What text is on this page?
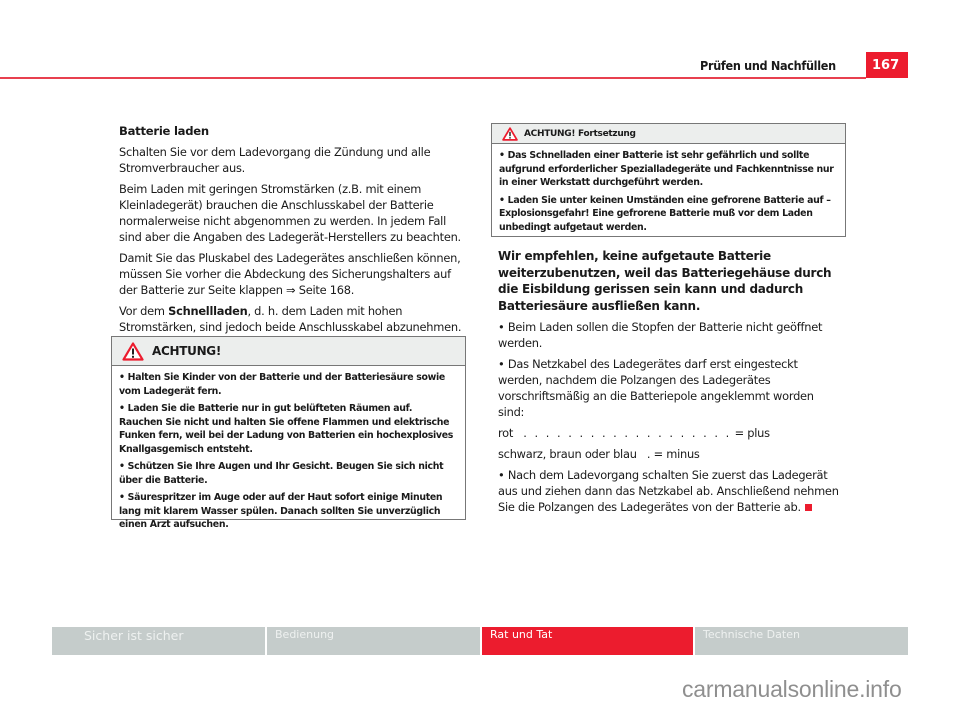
Prüfen und Nachfüllen	167
Batterie laden

Schalten Sie vor dem Ladevorgang die Zündung und alle Stromverbraucher aus.

Beim Laden mit geringen Stromstärken (z.B. mit einem Kleinladegerät) brauchen die Anschlusskabel der Batterie normalerweise nicht abgenommen zu werden. In jedem Fall sind aber die Angaben des Ladegerät-Herstellers zu beachten.

Damit Sie das Pluskabel des Ladegerätes anschließen können, müssen Sie vorher die Abdeckung des Sicherungshalters auf der Batterie zur Seite klappen ⇒ Seite 168.

Vor dem Schnellladen, d. h. dem Laden mit hohen Stromstärken, sind jedoch beide Anschlusskabel abzunehmen.

ACHTUNG!

• Halten Sie Kinder von der Batterie und der Batteriesäure sowie vom Ladegerät fern.

• Laden Sie die Batterie nur in gut belüfteten Räumen auf. Rauchen Sie nicht und halten Sie offene Flammen und elektrische Funken fern, weil bei der Ladung von Batterien ein hochexplosives Knallgasgemisch entsteht.

• Schützen Sie Ihre Augen und Ihr Gesicht. Beugen Sie sich nicht über die Batterie.

• Säurespritzer im Auge oder auf der Haut sofort einige Minuten lang mit klarem Wasser spülen. Danach sollten Sie unverzüglich einen Arzt aufsuchen.

ACHTUNG! Fortsetzung

• Das Schnelladen einer Batterie ist sehr gefährlich und sollte aufgrund erforderlicher Spezialladegeräte und Fachkenntnisse nur in einer Werkstatt durchgeführt werden.

• Laden Sie unter keinen Umständen eine gefrorene Batterie auf – Explosionsgefahr! Eine gefrorene Batterie muß vor dem Laden unbedingt aufgetaut werden.

Wir empfehlen, keine aufgetaute Batterie weiterzubenutzen, weil das Batteriegehäuse durch die Eisbildung gerissen sein kann und dadurch Batteriesäure ausfließen kann.

• Beim Laden sollen die Stopfen der Batterie nicht geöffnet werden.

• Das Netzkabel des Ladegerätes darf erst eingesteckt werden, nachdem die Polzangen des Ladegerätes vorschriftsmäßig an die Batteriepole angeklemmt worden sind:

rot . . . . . . . . . . . . . . . . . . . = plus

schwarz, braun oder blau . = minus

• Nach dem Ladevorgang schalten Sie zuerst das Ladegerät aus und ziehen dann das Netzkabel ab. Anschließend nehmen Sie die Polzangen des Ladegerätes von der Batterie ab.

Sicher ist sicher	Bedienung	Rat und Tat	Technische Daten
carmanualsonline.info
